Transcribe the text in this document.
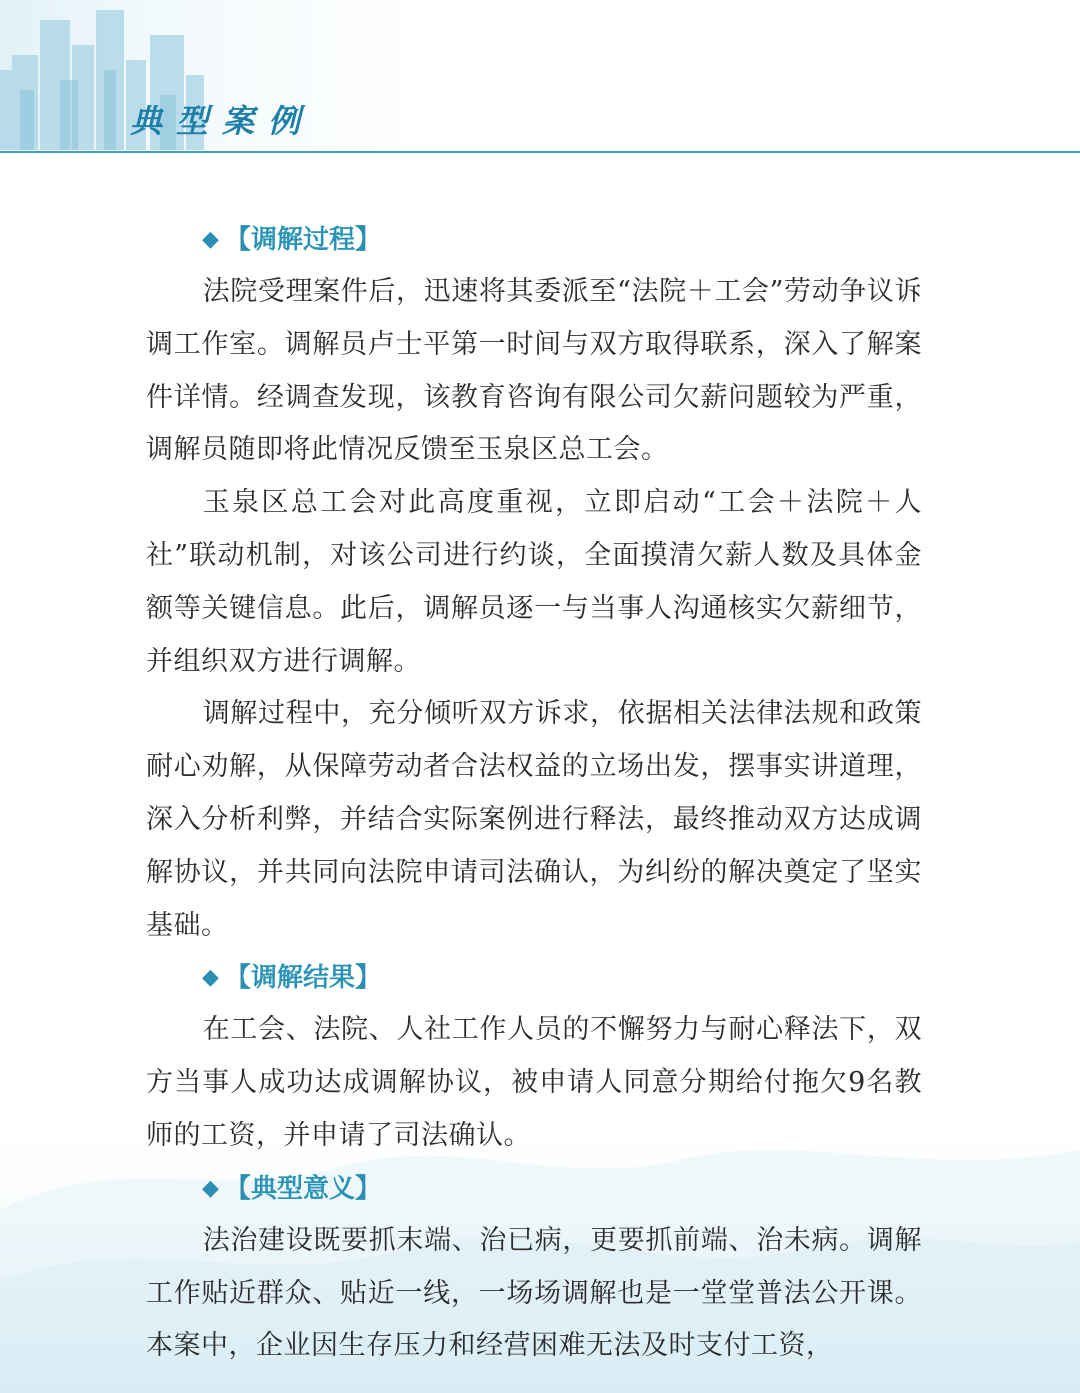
典型案例
◆ 【 调解过程 】

法院受理案件后，迅速将其委派至“法院＋工会”劳动争议诉调工作室。调解员卢士平第一时间与双方取得联系，深入了解案件详情。经调查发现，该教育咨询有限公司欠薪问题较为严重，调解员随即将此情况反馈至玉泉区总工会。

玉泉区总工会对此高度重视，立即启动“工会＋法院＋人社”联动机制，对该公司进行约谈，全面摸清欠薪人数及具体金额等关键信息。此后，调解员逐一与当事人沟通核实欠薪细节，并组织双方进行调解。

调解过程中，充分倾听双方诉求，依据相关法律法规和政策耐心劝解，从保障劳动者合法权益的立场出发，摆事实讲道理，深入分析利弊，并结合实际案例进行释法，最终推动双方达成调解协议，并共同向法院申请司法确认，为纠纷的解决奠定了坚实基础。

◆ 【 调解结果 】

在工会、法院、人社工作人员的不懈努力与耐心释法下，双方当事人成功达成调解协议，被申请人同意分期给付拖欠9名教师的工资，并申请了司法确认。

◆ 【 典型意义 】

法治建设既要抓末端、治已病，更要抓前端、治未病。调解工作贴近群众、贴近一线，一场场调解也是一堂堂普法公开课。本案中，企业因生存压力和经营困难无法及时支付工资，
